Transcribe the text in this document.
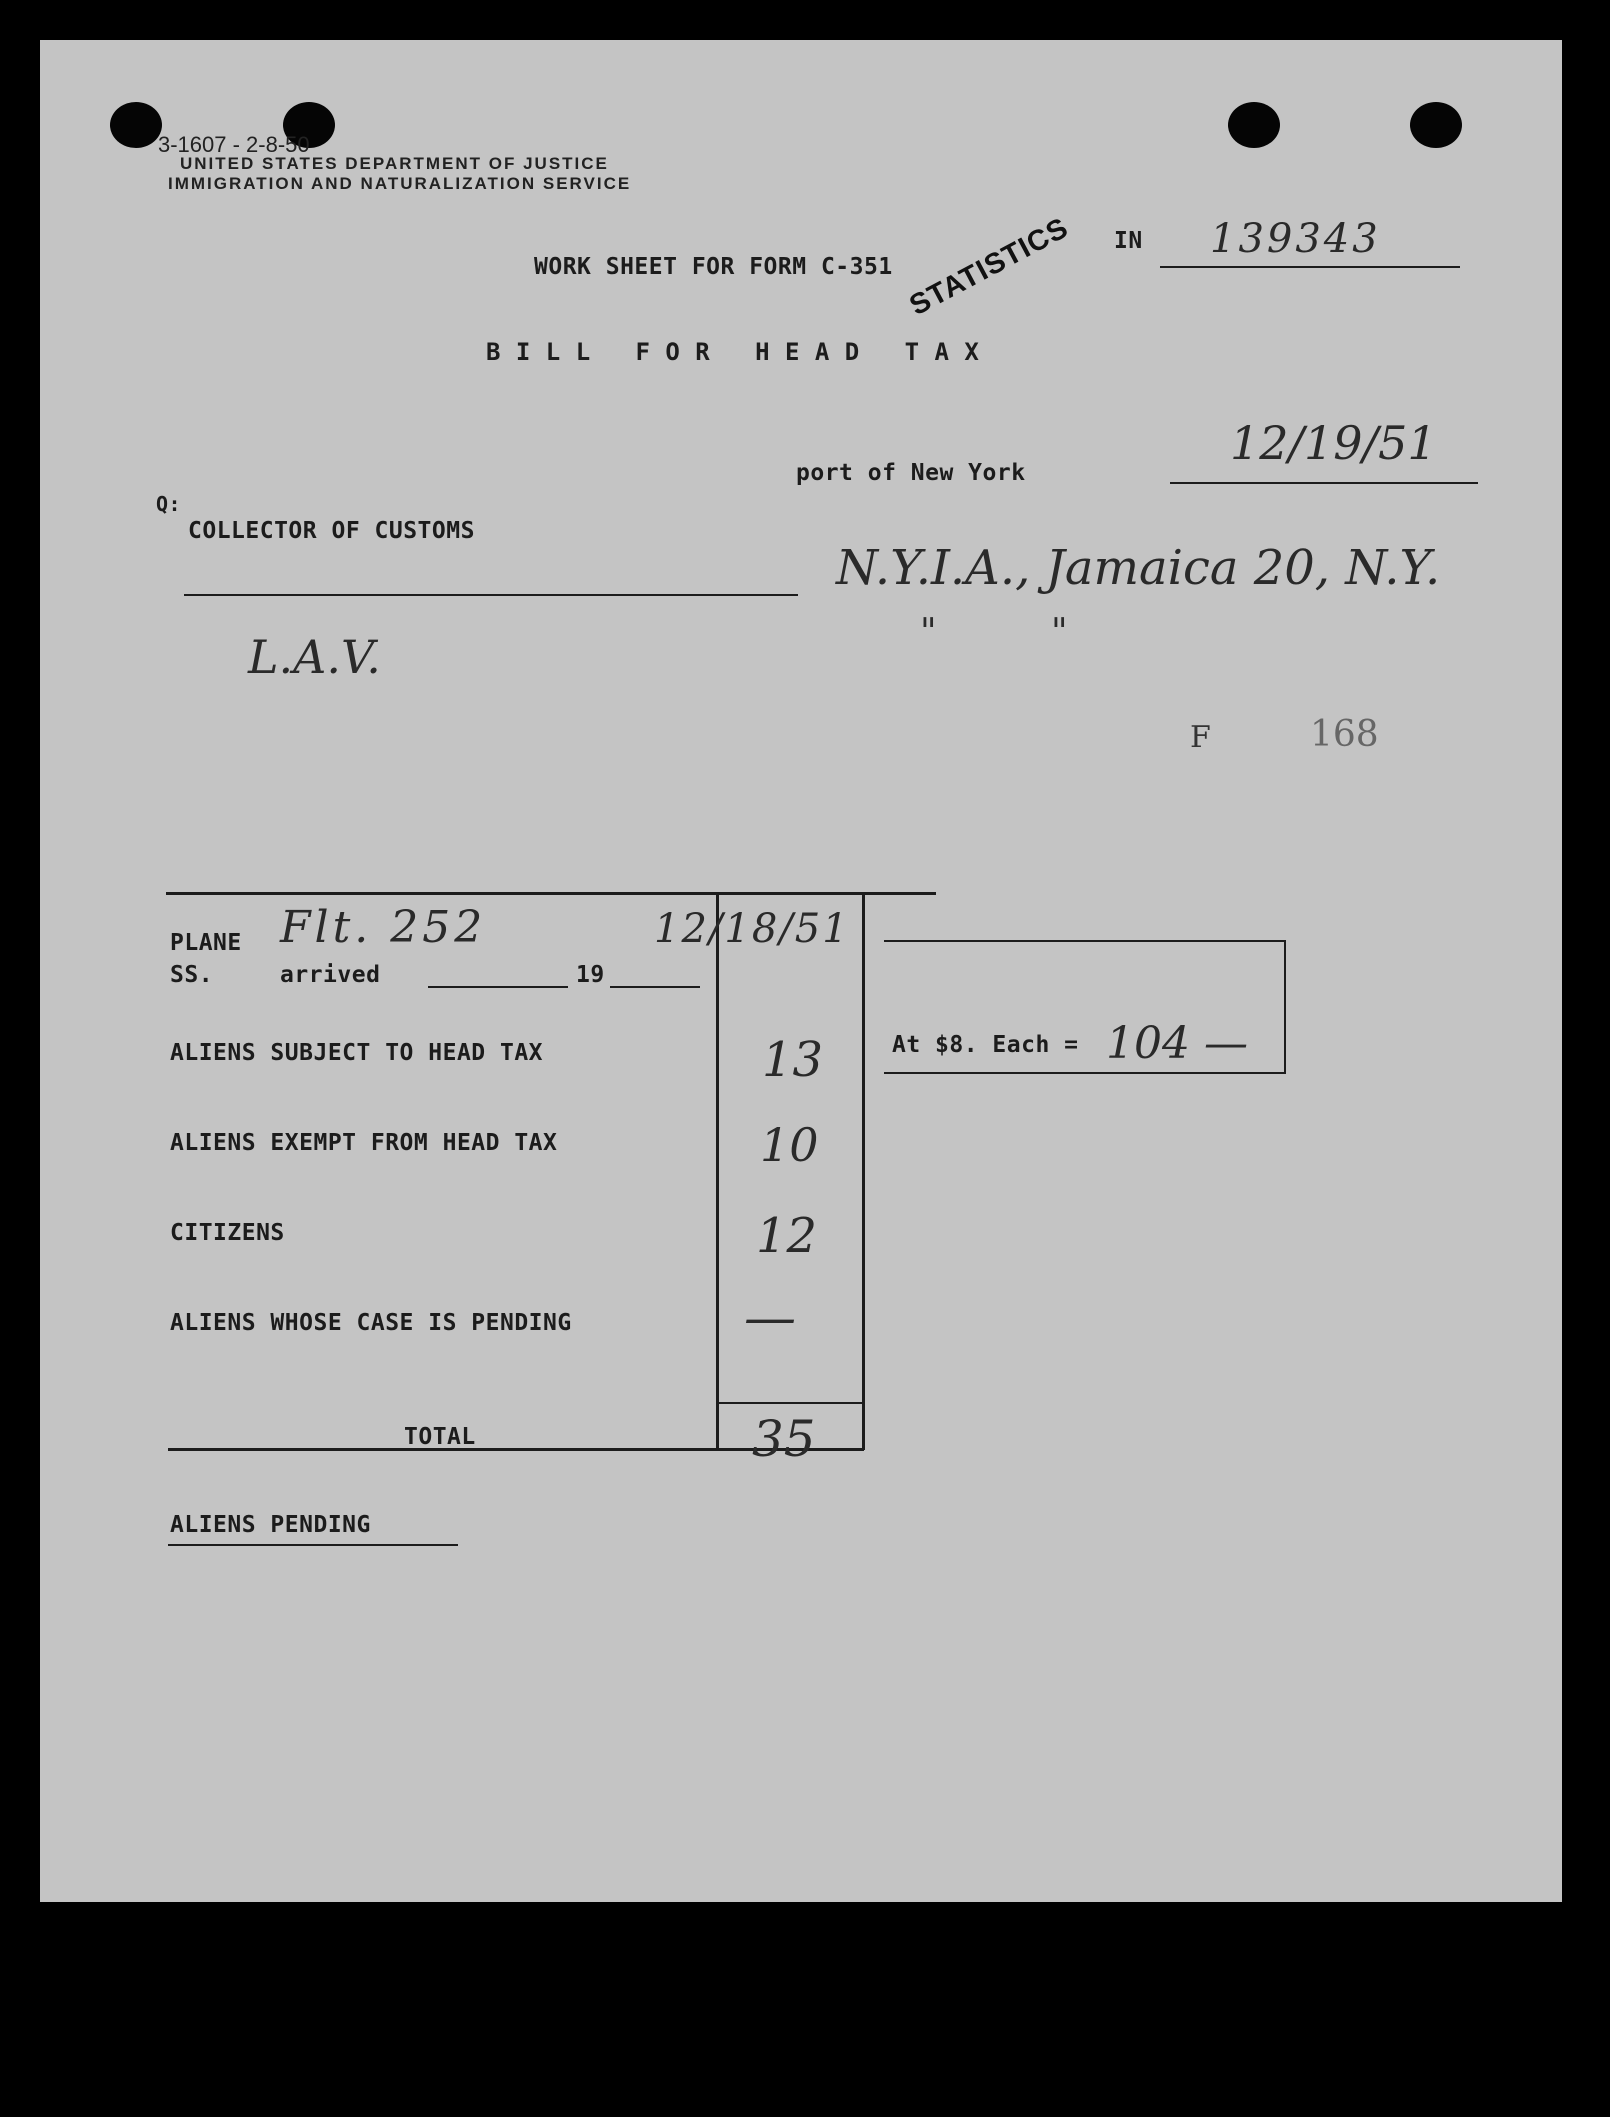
3-1607 - 2-8-50
UNITED STATES DEPARTMENT OF JUSTICE
IMMIGRATION AND NATURALIZATION SERVICE
WORK SHEET FOR FORM C-351 STATISTICS IN 139343
B I L L   F O R   H E A D   T A X
port of New York
12/19/51
Q:
COLLECTOR OF CUSTOMS
N.Y.I.A., Jamaica 20, N.Y.
"          "
L.A.V.
F	168
PLANE
SS.	arrived	19
Flt. 252	12/18/51
ALIENS SUBJECT TO HEAD TAX	13
ALIENS EXEMPT FROM HEAD TAX	10
CITIZENS	12
ALIENS WHOSE CASE IS PENDING	—
TOTAL	35
At $8. Each = 104 —
ALIENS PENDING
